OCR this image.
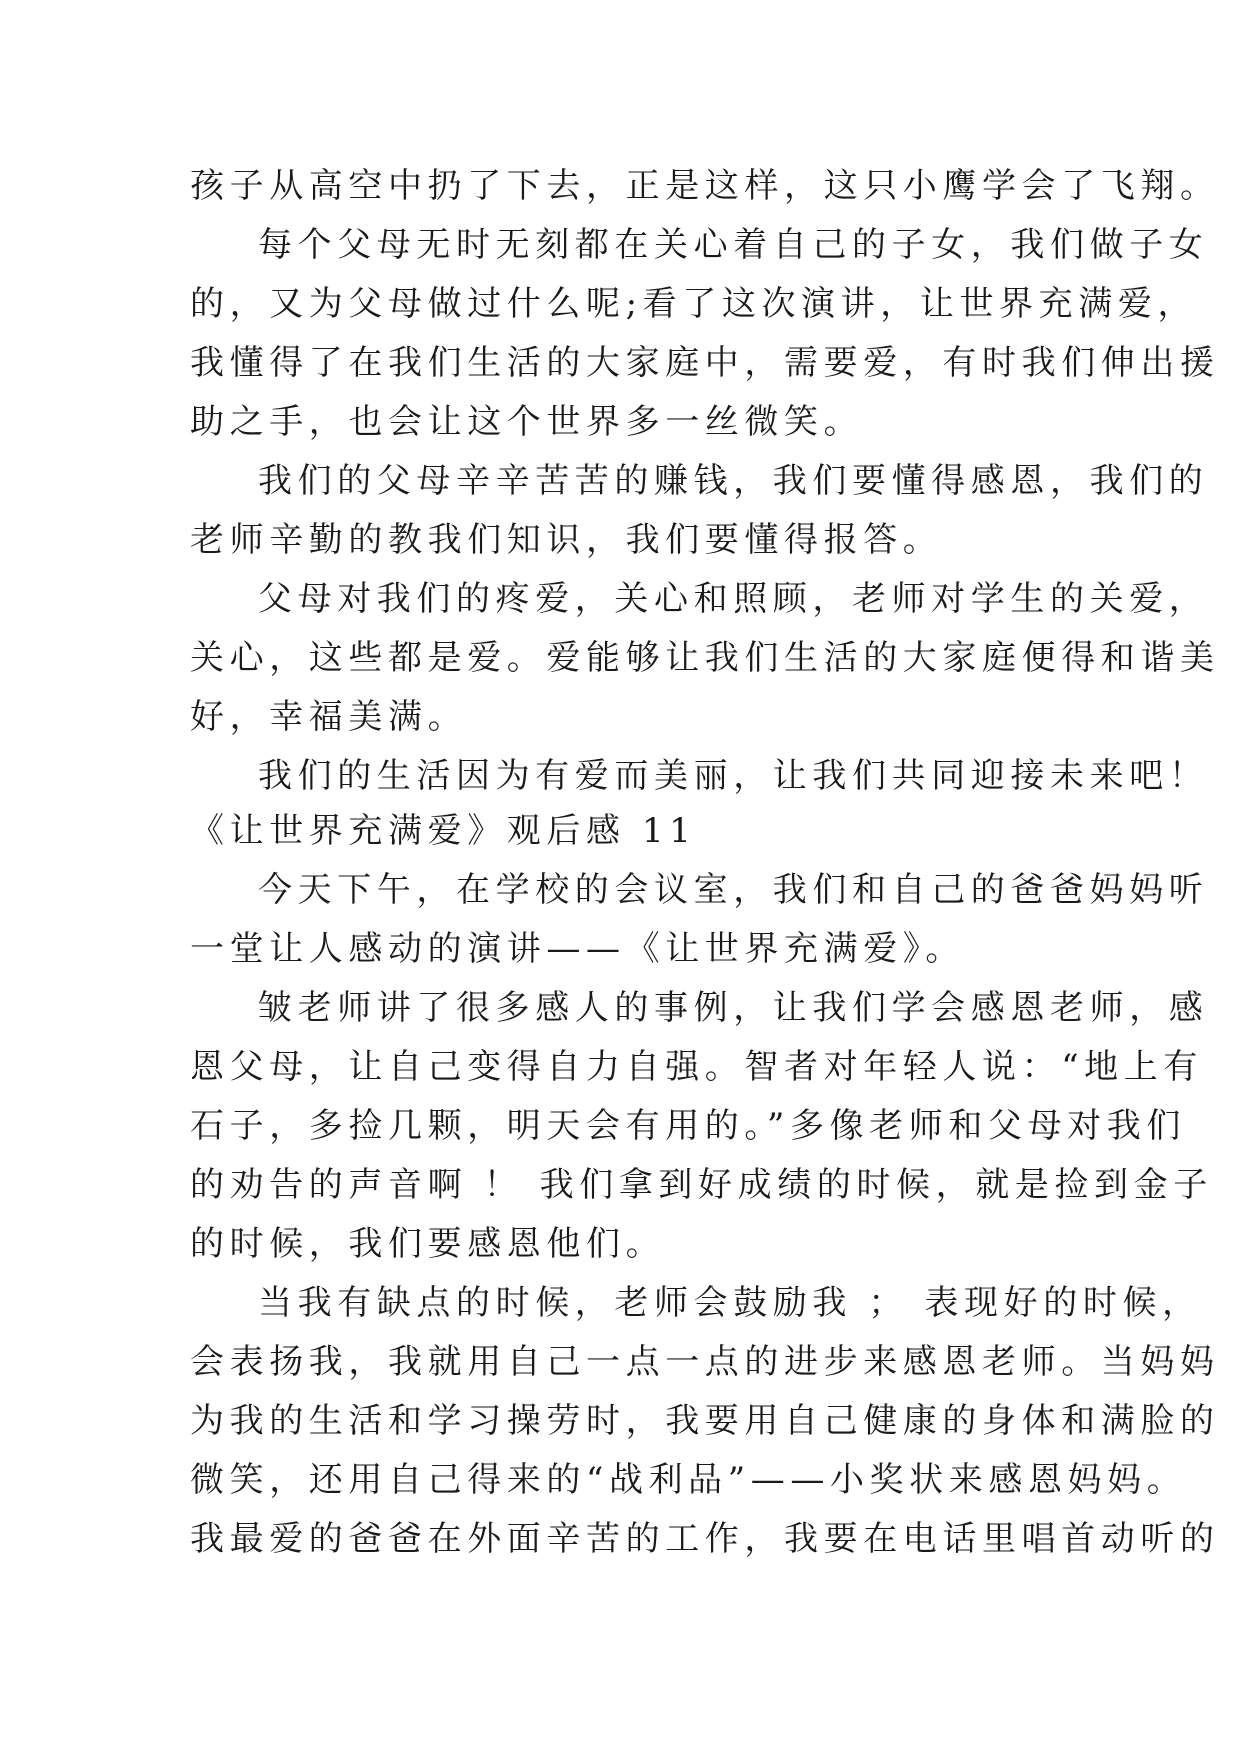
孩子从高空中扔了下去，正是这样，这只小鹰学会了飞翔。
每个父母无时无刻都在关心着自己的子女，我们做子女
的，又为父母做过什么呢;看了这次演讲，让世界充满爱，
我懂得了在我们生活的大家庭中，需要爱，有时我们伸出援
助之手，也会让这个世界多一丝微笑。
我们的父母辛辛苦苦的赚钱，我们要懂得感恩，我们的
老师辛勤的教我们知识，我们要懂得报答。
父母对我们的疼爱，关心和照顾，老师对学生的关爱，
关心，这些都是爱。爱能够让我们生活的大家庭便得和谐美
好，幸福美满。
我们的生活因为有爱而美丽，让我们共同迎接未来吧！
《让世界充满爱》观后感 11
今天下午，在学校的会议室，我们和自己的爸爸妈妈听
一堂让人感动的演讲——《让世界充满爱》。
皱老师讲了很多感人的事例，让我们学会感恩老师，感
恩父母，让自己变得自力自强。智者对年轻人说：“地上有
石子，多捡几颗，明天会有用的。”多像老师和父母对我们
的劝告的声音啊 ！ 我们拿到好成绩的时候，就是捡到金子
的时候，我们要感恩他们。
当我有缺点的时候，老师会鼓励我 ； 表现好的时候，
会表扬我，我就用自己一点一点的进步来感恩老师。当妈妈
为我的生活和学习操劳时，我要用自己健康的身体和满脸的
微笑，还用自己得来的“战利品”——小奖状来感恩妈妈。
我最爱的爸爸在外面辛苦的工作，我要在电话里唱首动听的
